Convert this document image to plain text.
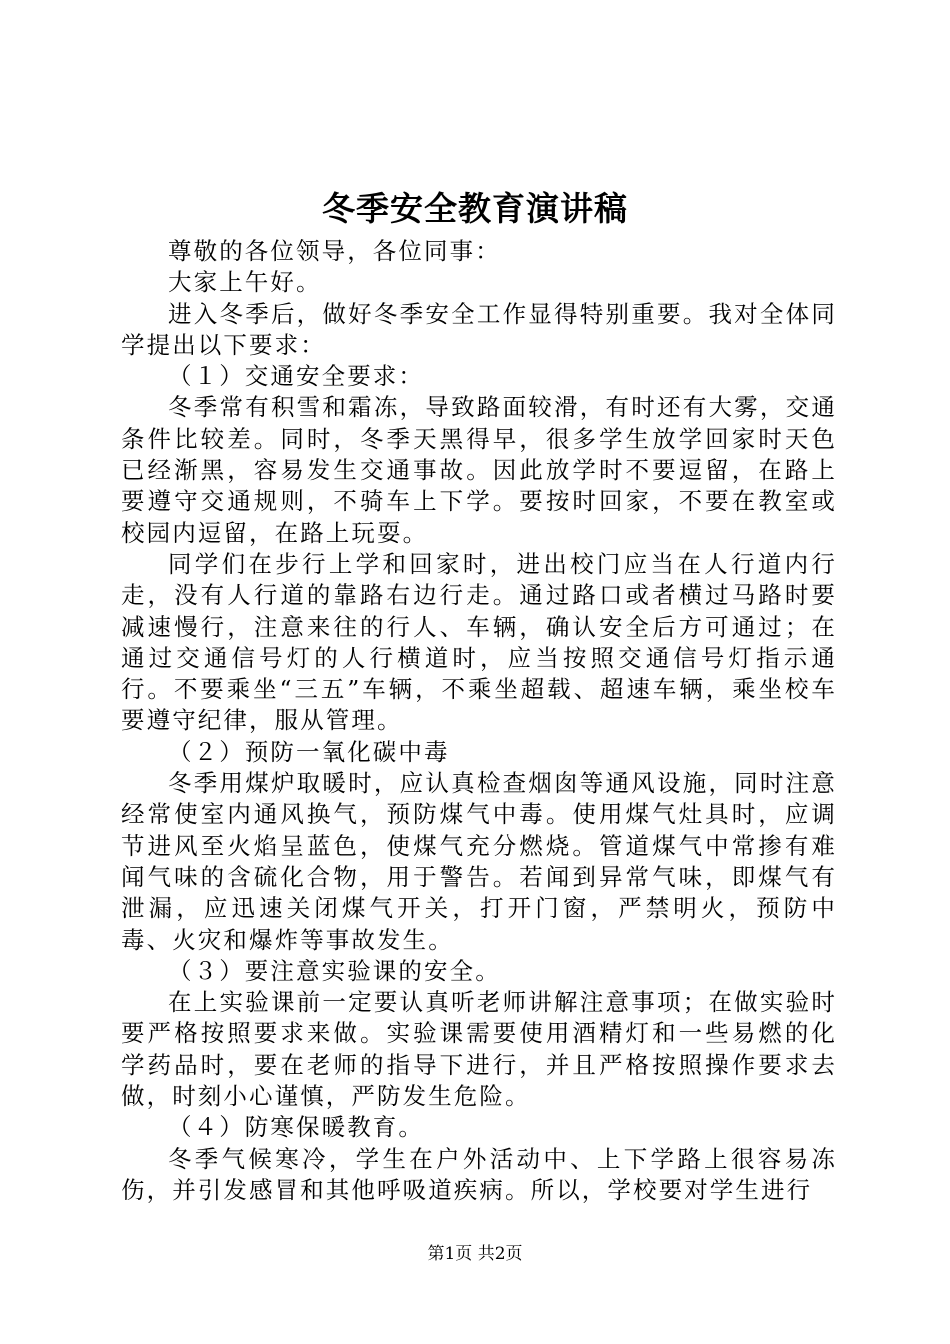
冬季安全教育演讲稿

尊敬的各位领导，各位同事：

大家上午好。

进入冬季后，做好冬季安全工作显得特别重要。我对全体同学提出以下要求：

（１）交通安全要求：

冬季常有积雪和霜冻，导致路面较滑，有时还有大雾，交通条件比较差。同时，冬季天黑得早，很多学生放学回家时天色已经渐黑，容易发生交通事故。因此放学时不要逗留，在路上要遵守交通规则，不骑车上下学。要按时回家，不要在教室或校园内逗留，在路上玩耍。

同学们在步行上学和回家时，进出校门应当在人行道内行走，没有人行道的靠路右边行走。通过路口或者横过马路时要减速慢行，注意来往的行人、车辆，确认安全后方可通过；在通过交通信号灯的人行横道时，应当按照交通信号灯指示通行。不要乘坐“三五”车辆，不乘坐超载、超速车辆，乘坐校车要遵守纪律，服从管理。

（２）预防一氧化碳中毒

冬季用煤炉取暖时，应认真检查烟囱等通风设施，同时注意经常使室内通风换气，预防煤气中毒。使用煤气灶具时，应调节进风至火焰呈蓝色，使煤气充分燃烧。管道煤气中常掺有难闻气味的含硫化合物，用于警告。若闻到异常气味，即煤气有泄漏，应迅速关闭煤气开关，打开门窗，严禁明火，预防中毒、火灾和爆炸等事故发生。

（３）要注意实验课的安全。

在上实验课前一定要认真听老师讲解注意事项；在做实验时要严格按照要求来做。实验课需要使用酒精灯和一些易燃的化学药品时，要在老师的指导下进行，并且严格按照操作要求去做，时刻小心谨慎，严防发生危险。

（４）防寒保暖教育。

冬季气候寒冷，学生在户外活动中、上下学路上很容易冻伤，并引发感冒和其他呼吸道疾病。所以，学校要对学生进行

第1页 共2页
